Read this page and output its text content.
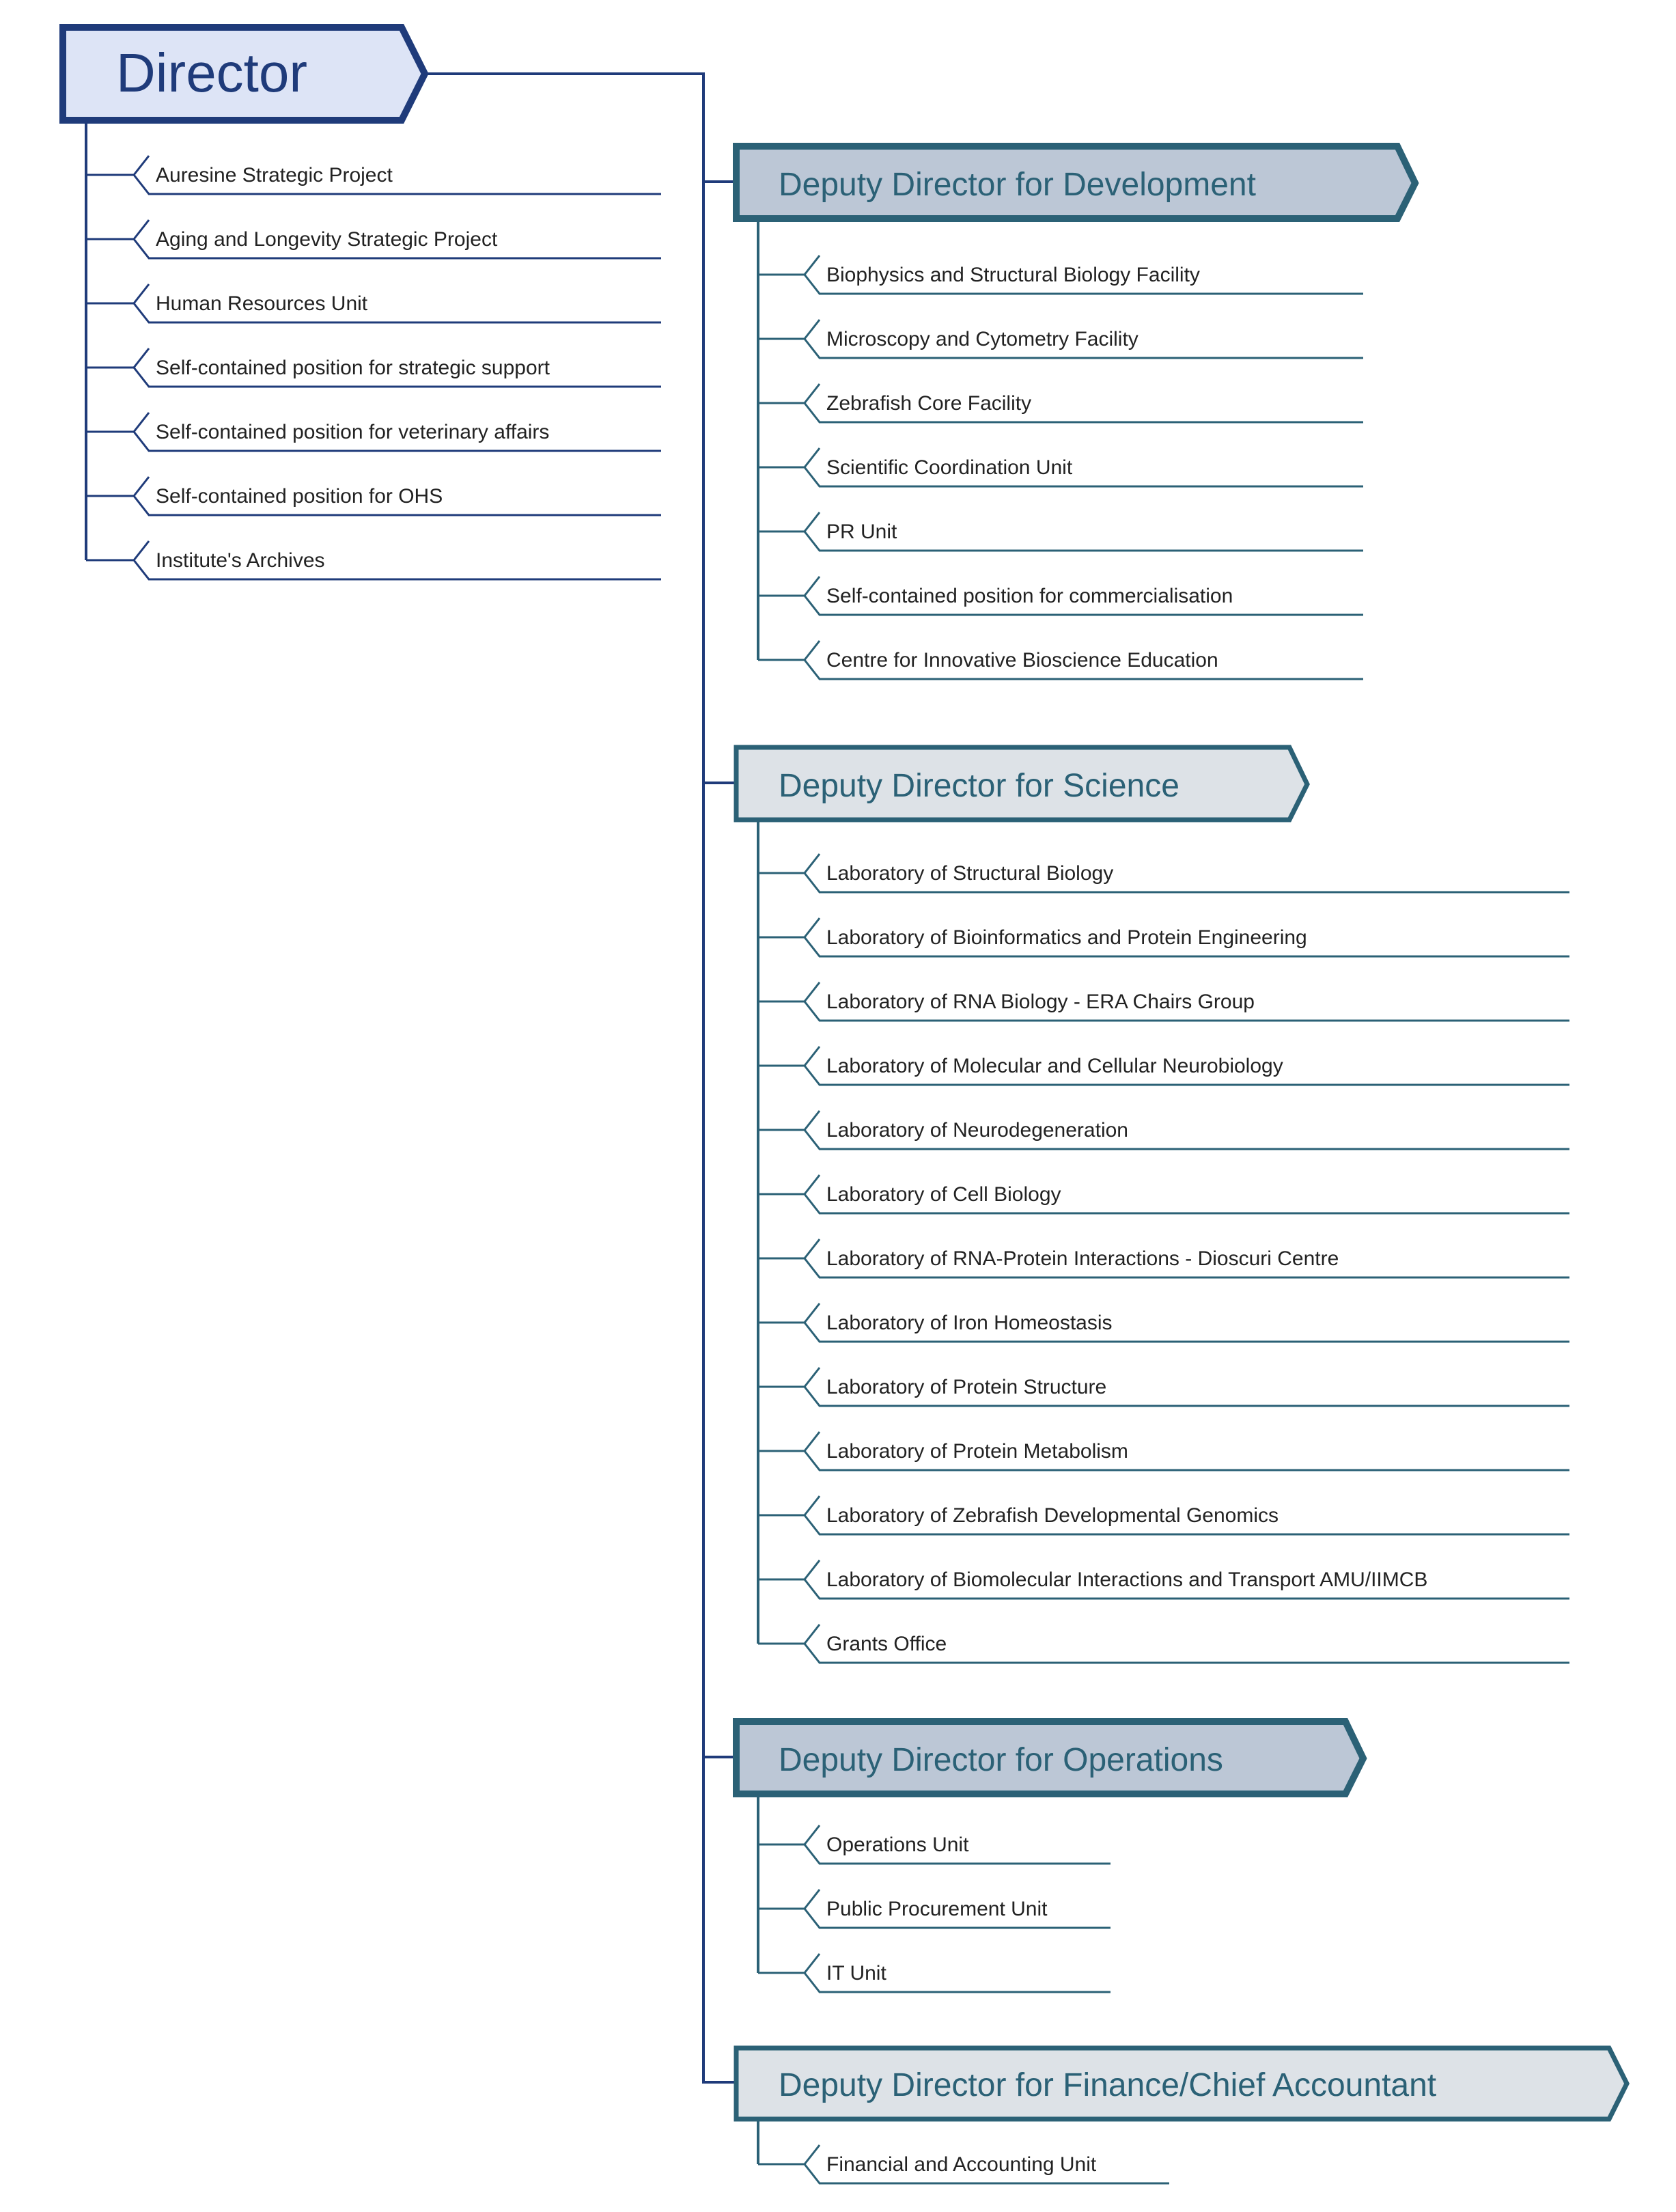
Director
Auresine Strategic Project
Aging and Longevity Strategic Project
Human Resources Unit
Self-contained position for strategic support
Self-contained position for veterinary affairs
Self-contained position for OHS
Institute's Archives
Deputy Director for Development
Biophysics and Structural Biology Facility
Microscopy and Cytometry Facility
Zebrafish Core Facility
Scientific Coordination Unit
PR Unit
Self-contained position for commercialisation
Centre for Innovative Bioscience Education
Deputy Director for Science
Laboratory of Structural Biology
Laboratory of Bioinformatics and Protein Engineering
Laboratory of RNA Biology - ERA Chairs Group
Laboratory of Molecular and Cellular Neurobiology
Laboratory of Neurodegeneration
Laboratory of Cell Biology
Laboratory of RNA-Protein Interactions - Dioscuri Centre
Laboratory of Iron Homeostasis
Laboratory of Protein Structure
Laboratory of Protein Metabolism
Laboratory of Zebrafish Developmental Genomics
Laboratory of Biomolecular Interactions and Transport AMU/IIMCB
Grants Office
Deputy Director for Operations
Operations Unit
Public Procurement Unit
IT Unit
Deputy Director for Finance/Chief Accountant
Financial and Accounting Unit
